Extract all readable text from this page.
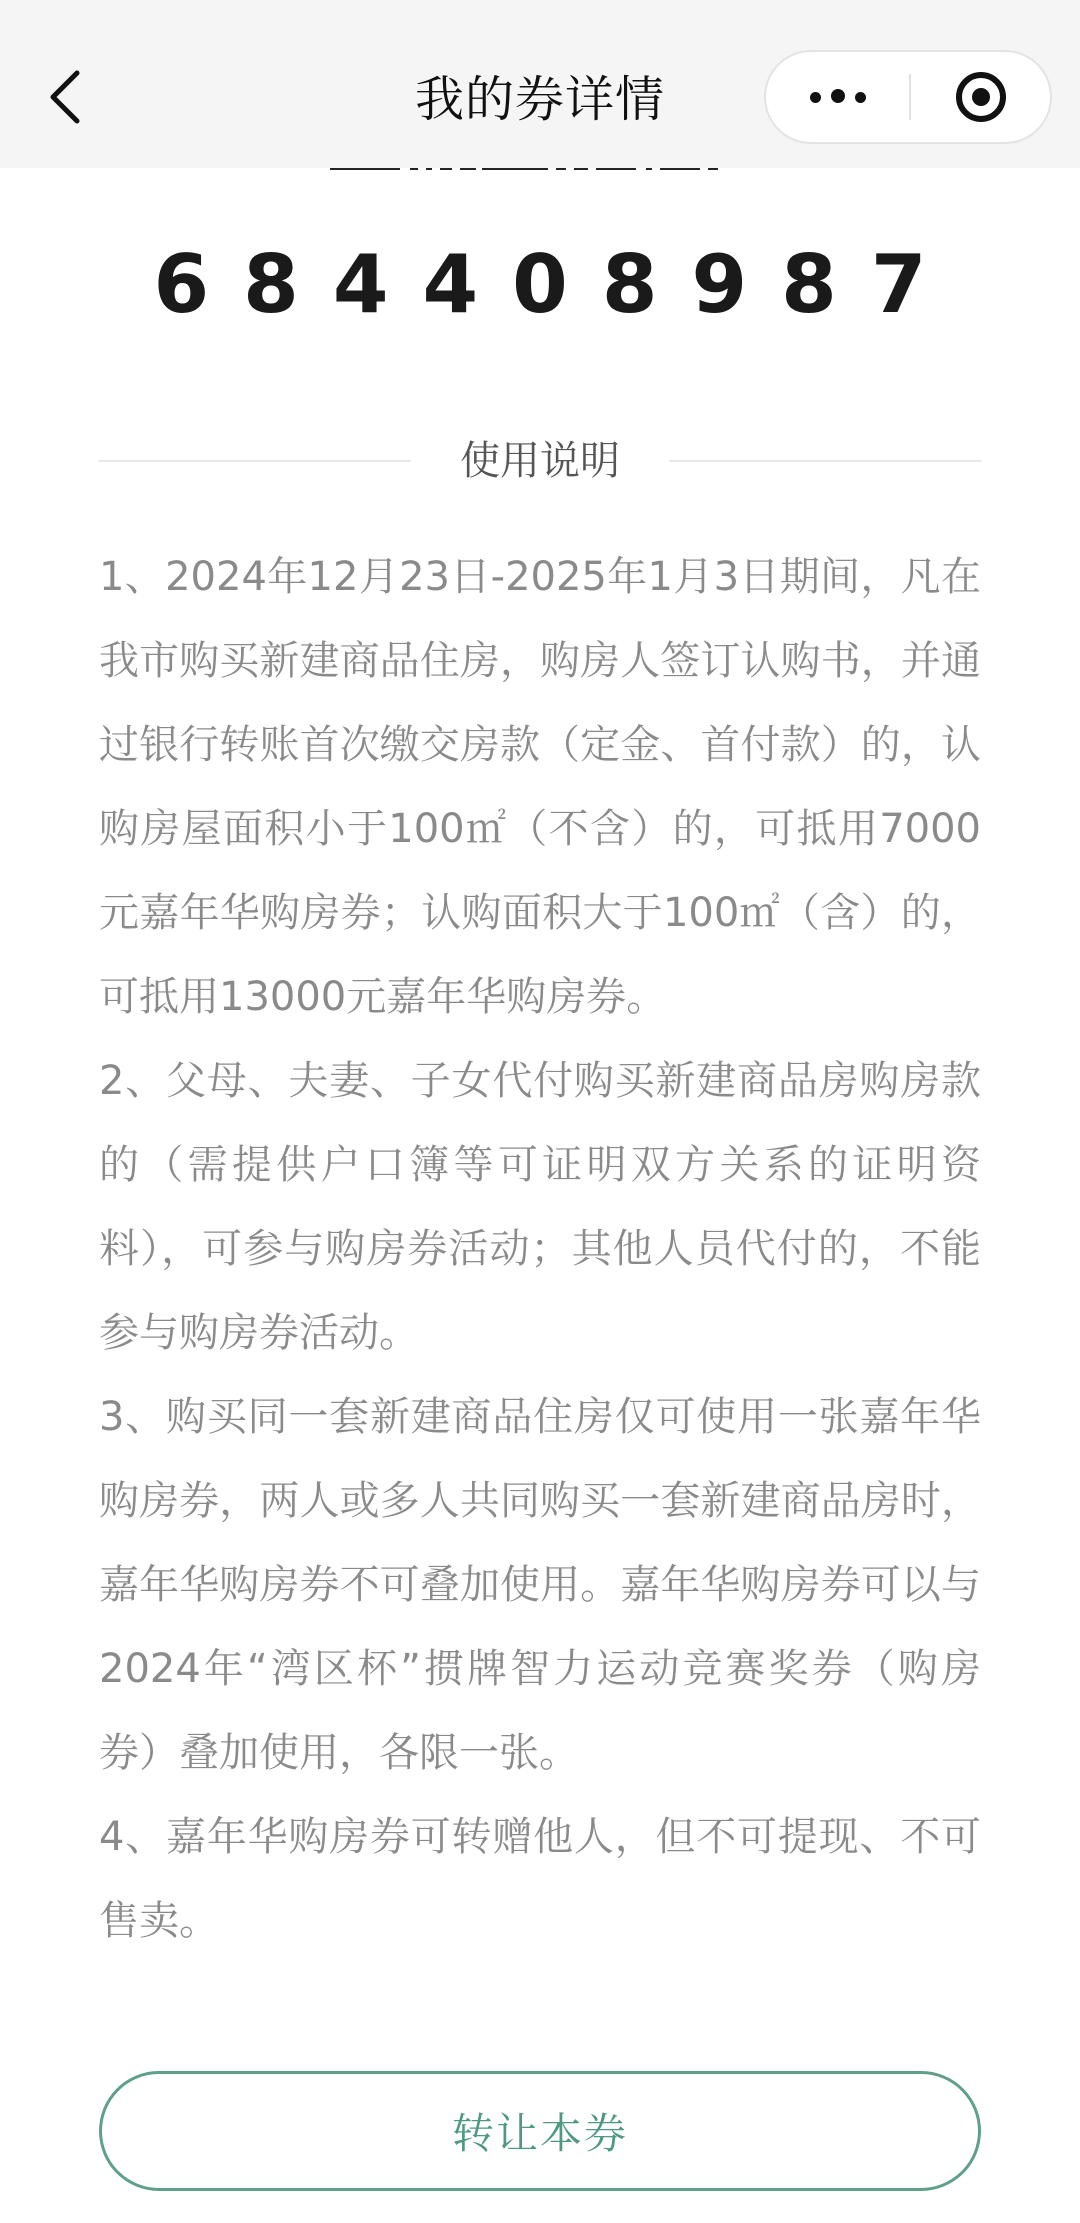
我的券详情
684408987
使用说明

1、2024年12月23日-2025年1月3日期间，凡在我市购买新建商品住房，购房人签订认购书，并通过银行转账首次缴交房款（定金、首付款）的，认购房屋面积小于100㎡（不含）的，可抵用7000元嘉年华购房券；认购面积大于100㎡（含）的，可抵用13000元嘉年华购房券。

2、父母、夫妻、子女代付购买新建商品房购房款的（需提供户口簿等可证明双方关系的证明资料），可参与购房券活动；其他人员代付的，不能参与购房券活动。

3、购买同一套新建商品住房仅可使用一张嘉年华购房券，两人或多人共同购买一套新建商品房时，嘉年华购房券不可叠加使用。嘉年华购房券可以与2024年“湾区杯”掼牌智力运动竞赛奖券（购房券）叠加使用，各限一张。

4、嘉年华购房券可转赠他人，但不可提现、不可售卖。

转让本券
